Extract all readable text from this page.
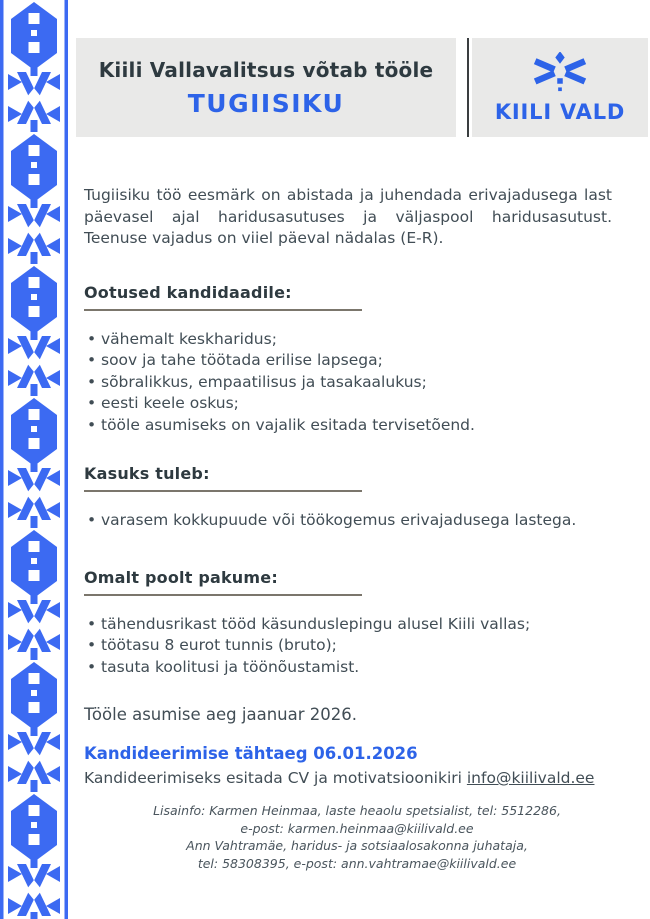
Kiili Vallavalitsus võtab tööle
TUGIISIKU	KIILI VALD

Tugiisiku töö eesmärk on abistada ja juhendada erivajadusega last päevasel ajal haridusasutuses ja väljaspool haridusasutust. Teenuse vajadus on viiel päeval nädalas (E-R).

Ootused kandidaadile:
• vähemalt keskharidus;
• soov ja tahe töötada erilise lapsega;
• sõbralikkus, empaatilisus ja tasakaalukus;
• eesti keele oskus;
• tööle asumiseks on vajalik esitada tervisetõend.
Kasuks tuleb:
• varasem kokkupuude või töökogemus erivajadusega lastega.
Omalt poolt pakume:
• tähendusrikast tööd käsunduslepingu alusel Kiili vallas;
• töötasu 8 eurot tunnis (bruto);
• tasuta koolitusi ja töönõustamist.

Tööle asumise aeg jaanuar 2026.

Kandideerimise tähtaeg 06.01.2026

Kandideerimiseks esitada CV ja motivatsioonikiri info@kiilivald.ee

Lisainfo: Karmen Heinmaa, laste heaolu spetsialist, tel: 5512286,
e-post: karmen.heinmaa@kiilivald.ee
Ann Vahtramäe, haridus- ja sotsiaalosakonna juhataja,
tel: 58308395, e-post: ann.vahtramae@kiilivald.ee
